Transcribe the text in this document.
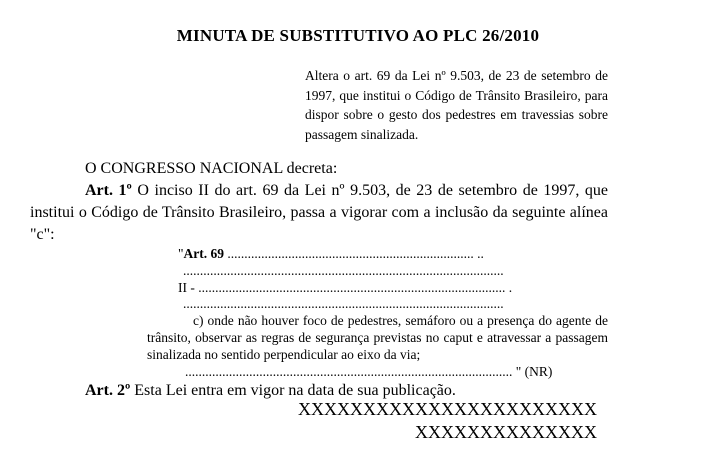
MINUTA DE SUBSTITUTIVO AO PLC 26/2010
Altera o art. 69 da Lei nº 9.503, de 23 de setembro de 1997, que institui o Código de Trânsito Brasileiro, para dispor sobre o gesto dos pedestres em travessias sobre passagem sinalizada.

O CONGRESSO NACIONAL decreta:

Art. 1º O inciso II do art. 69 da Lei nº 9.503, de 23 de setembro de 1997, que institui o Código de Trânsito Brasileiro, passa a vigorar com a inclusão da seguinte alínea "c":

"Art. 69 ......................................................................... ..

...............................................................................................

II - ........................................................................................... .

...............................................................................................

c) onde não houver foco de pedestres, semáforo ou a presença do agente de trânsito, observar as regras de segurança previstas no caput e atravessar a passagem sinalizada no sentido perpendicular ao eixo da via;

................................................................................................. " (NR)

Art. 2º Esta Lei entra em vigor na data de sua publicação.

XXXXXXXXXXXXXXXXXXXXXXX
XXXXXXXXXXXXXX
